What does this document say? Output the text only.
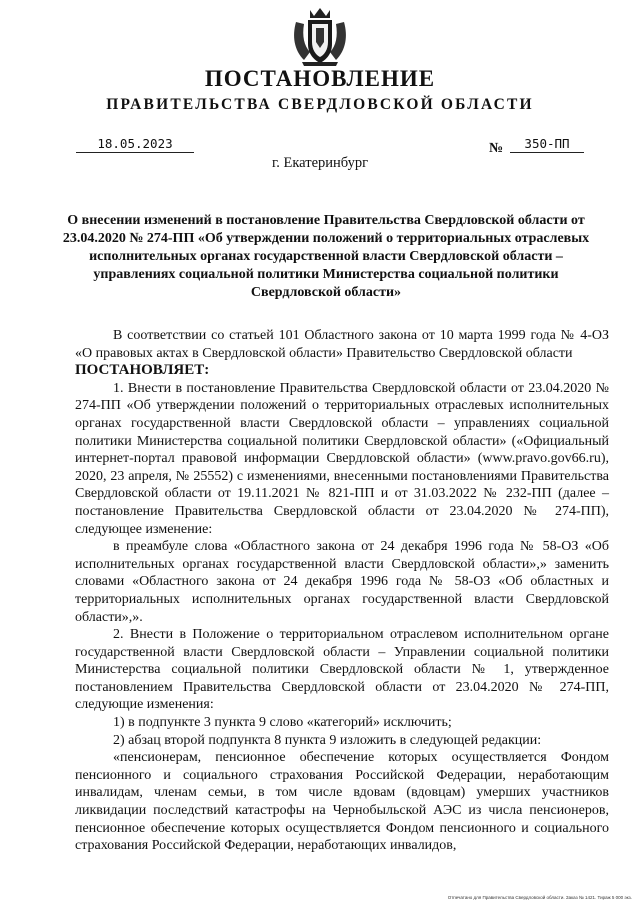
ПОСТАНОВЛЕНИЕ
ПРАВИТЕЛЬСТВА СВЕРДЛОВСКОЙ ОБЛАСТИ
18.05.2023	№	350-ПП
г. Екатеринбург
О внесении изменений в постановление Правительства Свердловской области от 23.04.2020 № 274-ПП «Об утверждении положений о территориальных отраслевых исполнительных органах государственной власти Свердловской области – управлениях социальной политики Министерства социальной политики Свердловской области»

В соответствии со статьей 101 Областного закона от 10 марта 1999 года № 4-ОЗ «О правовых актах в Свердловской области» Правительство Свердловской области

ПОСТАНОВЛЯЕТ:

1. Внести в постановление Правительства Свердловской области от 23.04.2020 № 274-ПП «Об утверждении положений о территориальных отраслевых исполнительных органах государственной власти Свердловской области – управлениях социальной политики Министерства социальной политики Свердловской области» («Официальный интернет-портал правовой информации Свердловской области» (www.pravo.gov66.ru), 2020, 23 апреля, № 25552) с изменениями, внесенными постановлениями Правительства Свердловской области от 19.11.2021 № 821-ПП и от 31.03.2022 № 232-ПП (далее – постановление Правительства Свердловской области от 23.04.2020 № 274-ПП), следующее изменение:

в преамбуле слова «Областного закона от 24 декабря 1996 года № 58-ОЗ «Об исполнительных органах государственной власти Свердловской области»,» заменить словами «Областного закона от 24 декабря 1996 года № 58-ОЗ «Об областных и территориальных исполнительных органах государственной власти Свердловской области»,».

2. Внести в Положение о территориальном отраслевом исполнительном органе государственной власти Свердловской области – Управлении социальной политики Министерства социальной политики Свердловской области № 1, утвержденное постановлением Правительства Свердловской области от 23.04.2020 № 274-ПП, следующие изменения:

1) в подпункте 3 пункта 9 слово «категорий» исключить;

2) абзац второй подпункта 8 пункта 9 изложить в следующей редакции:

«пенсионерам, пенсионное обеспечение которых осуществляется Фондом пенсионного и социального страхования Российской Федерации, неработающим инвалидам, членам семьи, в том числе вдовам (вдовцам) умерших участников ликвидации последствий катастрофы на Чернобыльской АЭС из числа пенсионеров, пенсионное обеспечение которых осуществляется Фондом пенсионного и социального страхования Российской Федерации, неработающих инвалидов,

Отпечатано для Правительства Свердловской области. Заказ № 1421. Тираж 5 000 экз.
